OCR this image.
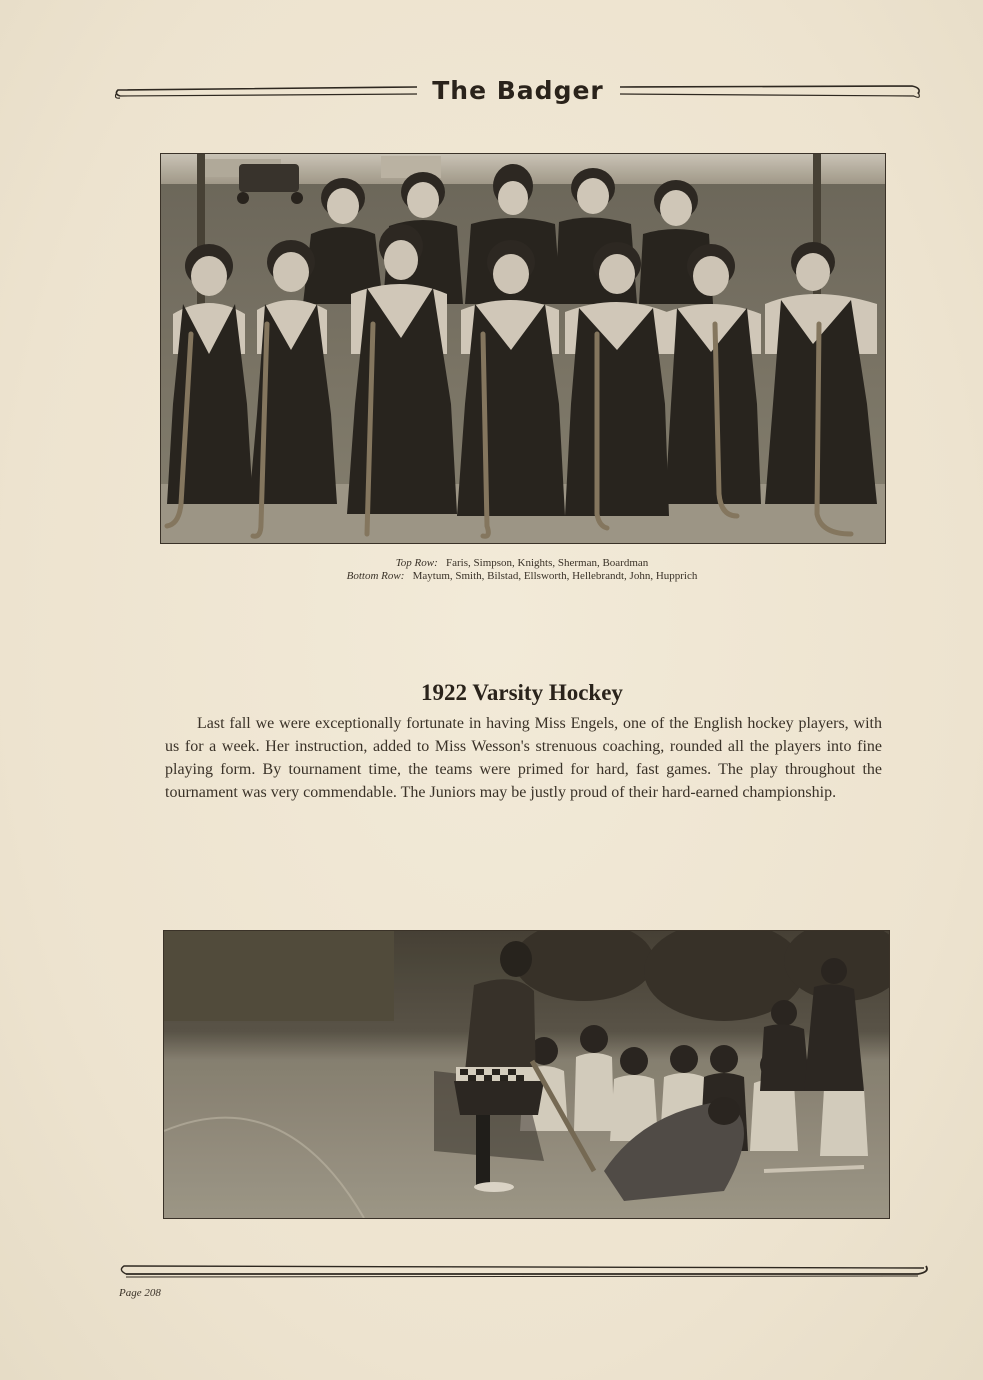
The Badger
Top Row: Faris, Simpson, Knights, Sherman, Boardman
Bottom Row: Maytum, Smith, Bilstad, Ellsworth, Hellebrandt, John, Hupprich
1922 Varsity Hockey
Last fall we were exceptionally fortunate in having Miss Engels, one of the English hockey players, with us for a week. Her instruction, added to Miss Wesson's strenuous coaching, rounded all the players into fine playing form. By tournament time, the teams were primed for hard, fast games. The play throughout the tournament was very commendable. The Juniors may be justly proud of their hard-earned championship.
Page 208
